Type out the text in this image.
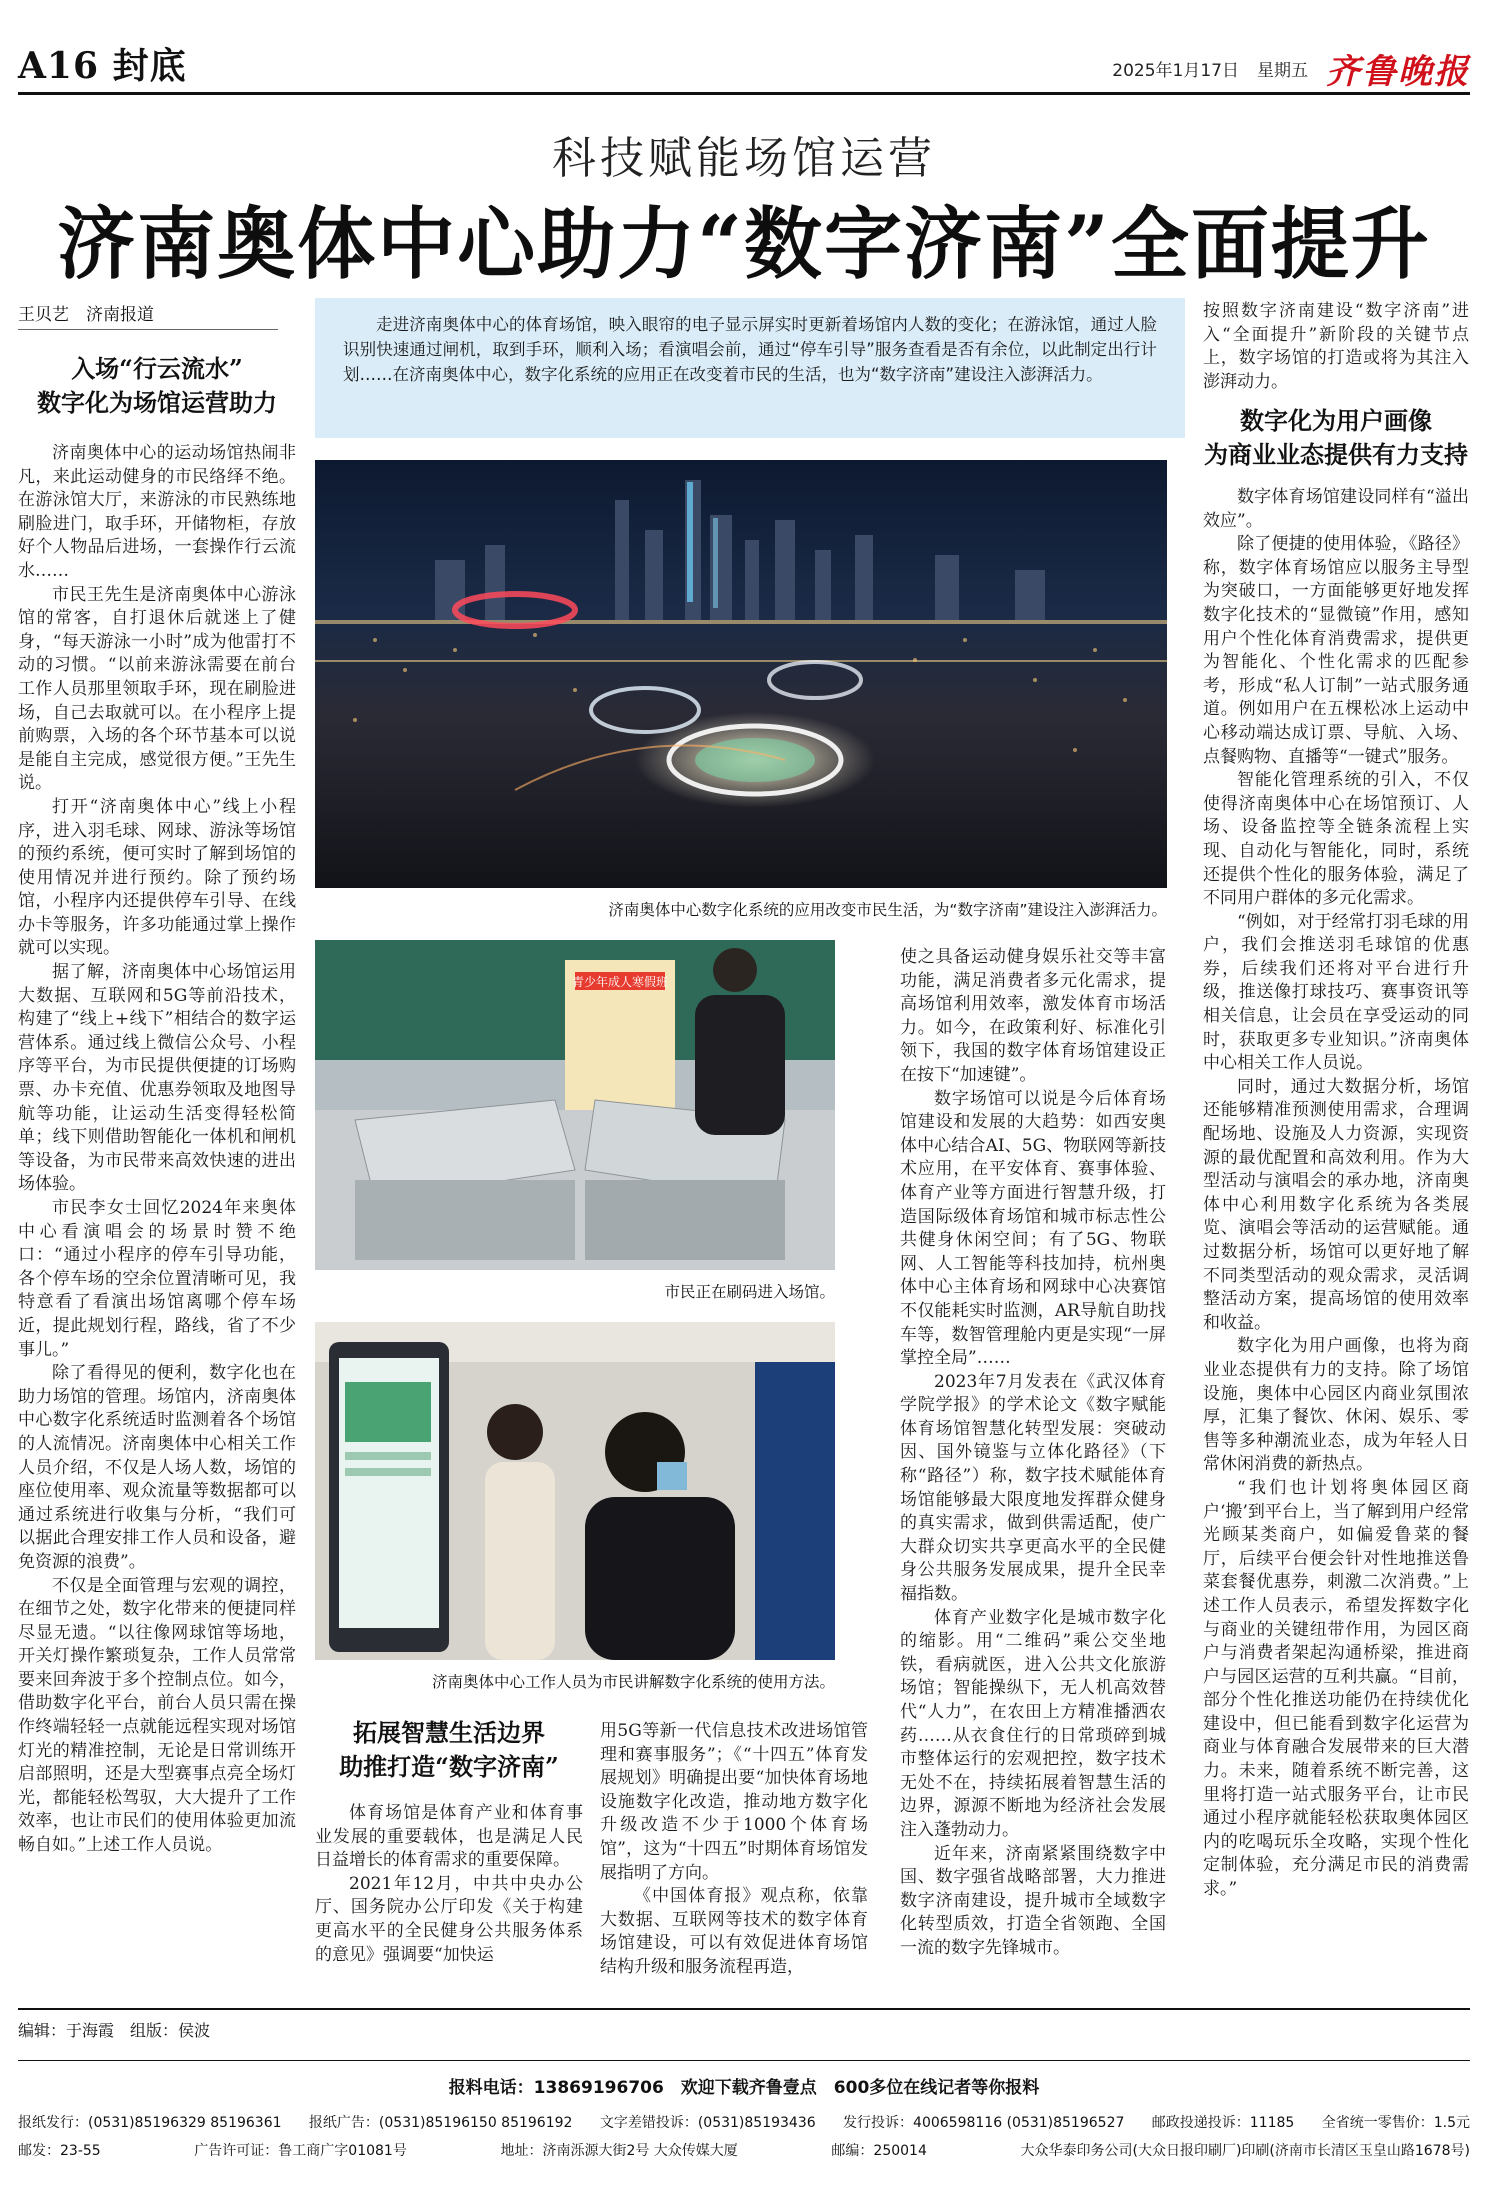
A16 封底	2025年1月17日 星期五 齐鲁晚报
科技赋能场馆运营
济南奥体中心助力“数字济南”全面提升
王贝艺　济南报道	走进济南奥体中心的体育场馆，映入眼帘的电子显示屏实时更新着场馆内人数的变化；在游泳馆，通过人脸识别快速通过闸机，取到手环，顺利入场；看演唱会前，通过“停车引导”服务查看是否有余位，以此制定出行计划……在济南奥体中心，数字化系统的应用正在改变着市民的生活，也为“数字济南”建设注入澎湃活力。

入场“行云流水”
数字化为场馆运营助力

济南奥体中心的运动场馆热闹非凡，来此运动健身的市民络绎不绝。在游泳馆大厅，来游泳的市民熟练地刷脸进门，取手环，开储物柜，存放好个人物品后进场，一套操作行云流水……

市民王先生是济南奥体中心游泳馆的常客，自打退休后就迷上了健身，“每天游泳一小时”成为他雷打不动的习惯。“以前来游泳需要在前台工作人员那里领取手环，现在刷脸进场，自己去取就可以。在小程序上提前购票，入场的各个环节基本可以说是能自主完成，感觉很方便。”王先生说。

打开“济南奥体中心”线上小程序，进入羽毛球、网球、游泳等场馆的预约系统，便可实时了解到场馆的使用情况并进行预约。除了预约场馆，小程序内还提供停车引导、在线办卡等服务，许多功能通过掌上操作就可以实现。

据了解，济南奥体中心场馆运用大数据、互联网和5G等前沿技术，构建了“线上+线下”相结合的数字运营体系。通过线上微信公众号、小程序等平台，为市民提供便捷的订场购票、办卡充值、优惠券领取及地图导航等功能，让运动生活变得轻松简单；线下则借助智能化一体机和闸机等设备，为市民带来高效快速的进出场体验。

市民李女士回忆2024年来奥体中心看演唱会的场景时赞不绝口：“通过小程序的停车引导功能，各个停车场的空余位置清晰可见，我特意看了看演出场馆离哪个停车场近，提此规划行程，路线，省了不少事儿。”

除了看得见的便利，数字化也在助力场馆的管理。场馆内，济南奥体中心数字化系统适时监测着各个场馆的人流情况。济南奥体中心相关工作人员介绍，不仅是人场人数，场馆的座位使用率、观众流量等数据都可以通过系统进行收集与分析，“我们可以据此合理安排工作人员和设备，避免资源的浪费”。

不仅是全面管理与宏观的调控，在细节之处，数字化带来的便捷同样尽显无遗。“以往像网球馆等场地，开关灯操作繁琐复杂，工作人员常常要来回奔波于多个控制点位。如今，借助数字化平台，前台人员只需在操作终端轻轻一点就能远程实现对场馆灯光的精准控制，无论是日常训练开启部照明，还是大型赛事点亮全场灯光，都能轻松驾驭，大大提升了工作效率，也让市民们的使用体验更加流畅自如。”上述工作人员说。

济南奥体中心数字化系统的应用改变市民生活，为“数字济南”建设注入澎湃活力。
青少年成人寒假班
市民正在刷码进入场馆。
济南奥体中心工作人员为市民讲解数字化系统的使用方法。
拓展智慧生活边界
助推打造“数字济南”

体育场馆是体育产业和体育事业发展的重要载体，也是满足人民日益增长的体育需求的重要保障。

2021年12月，中共中央办公厅、国务院办公厅印发《关于构建更高水平的全民健身公共服务体系的意见》强调要“加快运

用5G等新一代信息技术改进场馆管理和赛事服务”；《“十四五”体育发展规划》明确提出要“加快体育场地设施数字化改造，推动地方数字化升级改造不少于1000个体育场馆”，这为“十四五”时期体育场馆发展指明了方向。

《中国体育报》观点称，依靠大数据、互联网等技术的数字体育场馆建设，可以有效促进体育场馆结构升级和服务流程再造，

使之具备运动健身娱乐社交等丰富功能，满足消费者多元化需求，提高场馆利用效率，激发体育市场活力。如今，在政策利好、标准化引领下，我国的数字体育场馆建设正在按下“加速键”。

数字场馆可以说是今后体育场馆建设和发展的大趋势：如西安奥体中心结合AI、5G、物联网等新技术应用，在平安体育、赛事体验、体育产业等方面进行智慧升级，打造国际级体育场馆和城市标志性公共健身休闲空间；有了5G、物联网、人工智能等科技加持，杭州奥体中心主体育场和网球中心决赛馆不仅能耗实时监测，AR导航自助找车等，数智管理舱内更是实现“一屏掌控全局”……

2023年7月发表在《武汉体育学院学报》的学术论文《数字赋能体育场馆智慧化转型发展：突破动因、国外镜鉴与立体化路径》（下称“路径”）称，数字技术赋能体育场馆能够最大限度地发挥群众健身的真实需求，做到供需适配，使广大群众切实共享更高水平的全民健身公共服务发展成果，提升全民幸福指数。

体育产业数字化是城市数字化的缩影。用“二维码”乘公交坐地铁，看病就医，进入公共文化旅游场馆；智能操纵下，无人机高效替代“人力”，在农田上方精准播洒农药……从衣食住行的日常琐碎到城市整体运行的宏观把控，数字技术无处不在，持续拓展着智慧生活的边界，源源不断地为经济社会发展注入蓬勃动力。

近年来，济南紧紧围绕数字中国、数字强省战略部署，大力推进数字济南建设，提升城市全域数字化转型质效，打造全省领跑、全国一流的数字先锋城市。

按照数字济南建设“数字济南”进入“全面提升”新阶段的关键节点上，数字场馆的打造或将为其注入澎湃动力。

数字化为用户画像
为商业业态提供有力支持

数字体育场馆建设同样有“溢出效应”。

除了便捷的使用体验，《路径》称，数字体育场馆应以服务主导型为突破口，一方面能够更好地发挥数字化技术的“显微镜”作用，感知用户个性化体育消费需求，提供更为智能化、个性化需求的匹配参考，形成“私人订制”一站式服务通道。例如用户在五棵松冰上运动中心移动端达成订票、导航、入场、点餐购物、直播等“一键式”服务。

智能化管理系统的引入，不仅使得济南奥体中心在场馆预订、人场、设备监控等全链条流程上实现、自动化与智能化，同时，系统还提供个性化的服务体验，满足了不同用户群体的多元化需求。

“例如，对于经常打羽毛球的用户，我们会推送羽毛球馆的优惠券，后续我们还将对平台进行升级，推送像打球技巧、赛事资讯等相关信息，让会员在享受运动的同时，获取更多专业知识。”济南奥体中心相关工作人员说。

同时，通过大数据分析，场馆还能够精准预测使用需求，合理调配场地、设施及人力资源，实现资源的最优配置和高效利用。作为大型活动与演唱会的承办地，济南奥体中心利用数字化系统为各类展览、演唱会等活动的运营赋能。通过数据分析，场馆可以更好地了解不同类型活动的观众需求，灵活调整活动方案，提高场馆的使用效率和收益。

数字化为用户画像，也将为商业业态提供有力的支持。除了场馆设施，奥体中心园区内商业氛围浓厚，汇集了餐饮、休闲、娱乐、零售等多种潮流业态，成为年轻人日常休闲消费的新热点。

“我们也计划将奥体园区商户‘搬’到平台上，当了解到用户经常光顾某类商户，如偏爱鲁菜的餐厅，后续平台便会针对性地推送鲁菜套餐优惠券，刺激二次消费。”上述工作人员表示，希望发挥数字化与商业的关键纽带作用，为园区商户与消费者架起沟通桥梁，推进商户与园区运营的互利共赢。“目前，部分个性化推送功能仍在持续优化建设中，但已能看到数字化运营为商业与体育融合发展带来的巨大潜力。未来，随着系统不断完善，这里将打造一站式服务平台，让市民通过小程序就能轻松获取奥体园区内的吃喝玩乐全攻略，实现个性化定制体验，充分满足市民的消费需求。”

编辑：于海霞　组版：侯波
报料电话：13869196706　欢迎下载齐鲁壹点　600多位在线记者等你报料
报纸发行：(0531)85196329 85196361 报纸广告：(0531)85196150 85196192 文字差错投诉：(0531)85193436 发行投诉：4006598116 (0531)85196527 邮政投递投诉：11185 全省统一零售价：1.5元
邮发：23-55	广告许可证：鲁工商广字01081号	地址：济南泺源大街2号 大众传媒大厦	邮编：250014	大众华泰印务公司(大众日报印刷厂)印刷(济南市长清区玉皇山路1678号)
